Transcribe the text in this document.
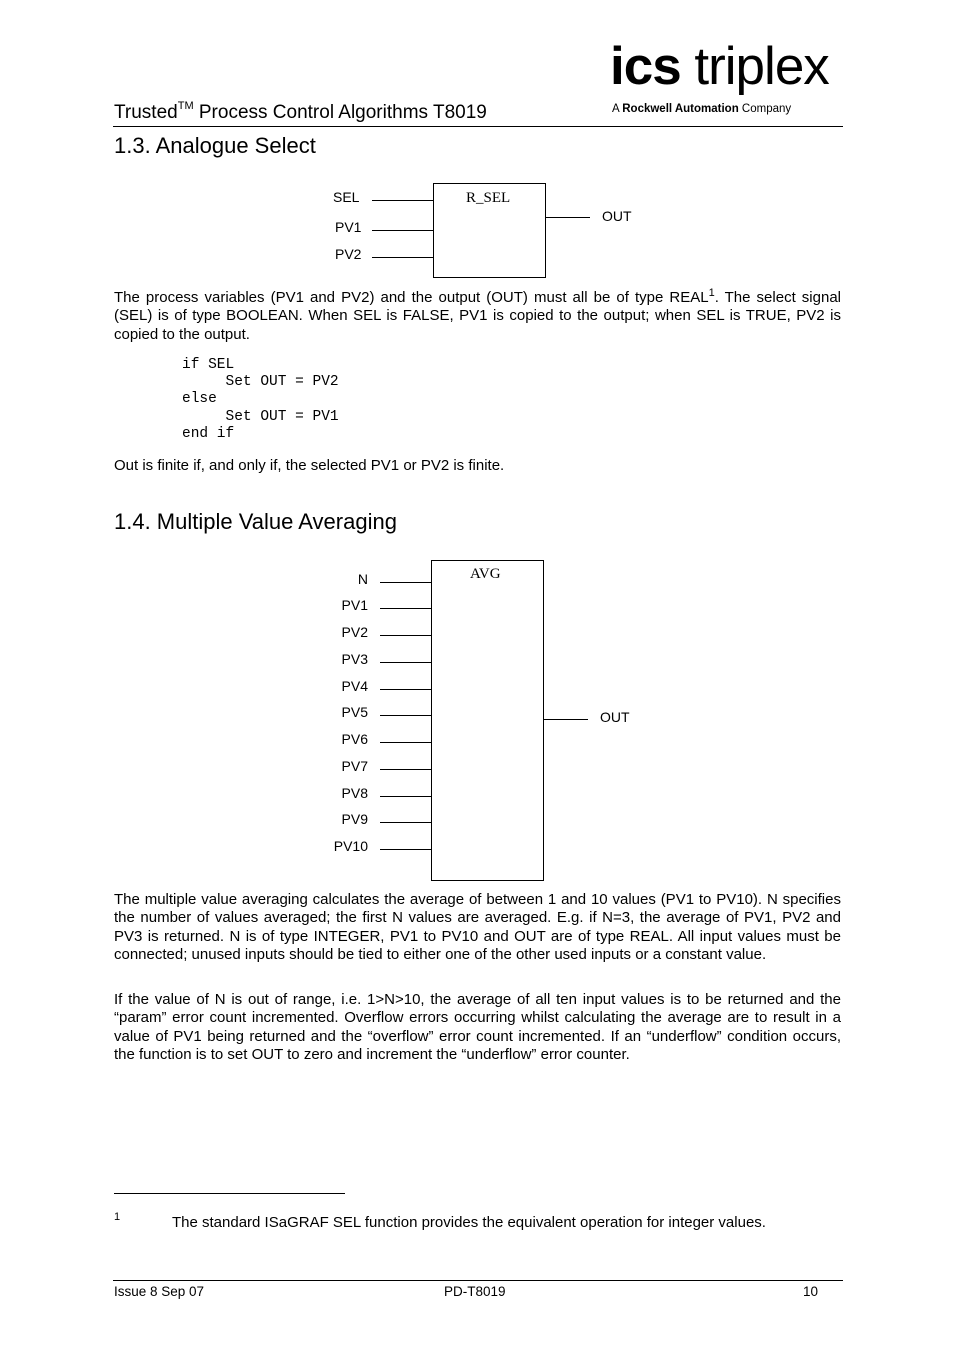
ics triplex
A Rockwell Automation Company
Trusted™ Process Control Algorithms T8019
1.3. Analogue Select
R_SEL
SEL
PV1
PV2
OUT

The process variables (PV1 and PV2) and the output (OUT) must all be of type REAL$^1$. The select signal (SEL) is of type BOOLEAN. When SEL is FALSE, PV1 is copied to the output; when SEL is TRUE, PV2 is copied to the output.

if SEL
Set OUT = PV2
else
Set OUT = PV1
end if

Out is finite if, and only if, the selected PV1 or PV2 is finite.

1.4. Multiple Value Averaging
AVG
N
PV1
PV2
PV3
PV4
PV5
PV6
PV7
PV8
PV9
PV10
OUT

The multiple value averaging calculates the average of between 1 and 10 values (PV1 to PV10). N specifies the number of values averaged; the first N values are averaged. E.g. if N=3, the average of PV1, PV2 and PV3 is returned. N is of type INTEGER, PV1 to PV10 and OUT are of type REAL. All input values must be connected; unused inputs should be tied to either one of the other used inputs or a constant value.

If the value of N is out of range, i.e. 1>N>10, the average of all ten input values is to be returned and the “param” error count incremented. Overflow errors occurring whilst calculating the average are to result in a value of PV1 being returned and the “overflow” error count incremented. If an “underflow” condition occurs, the function is to set OUT to zero and increment the “underflow” error counter.

1	The standard ISaGRAF SEL function provides the equivalent operation for integer values.
Issue 8 Sep 07	PD-T8019	10
